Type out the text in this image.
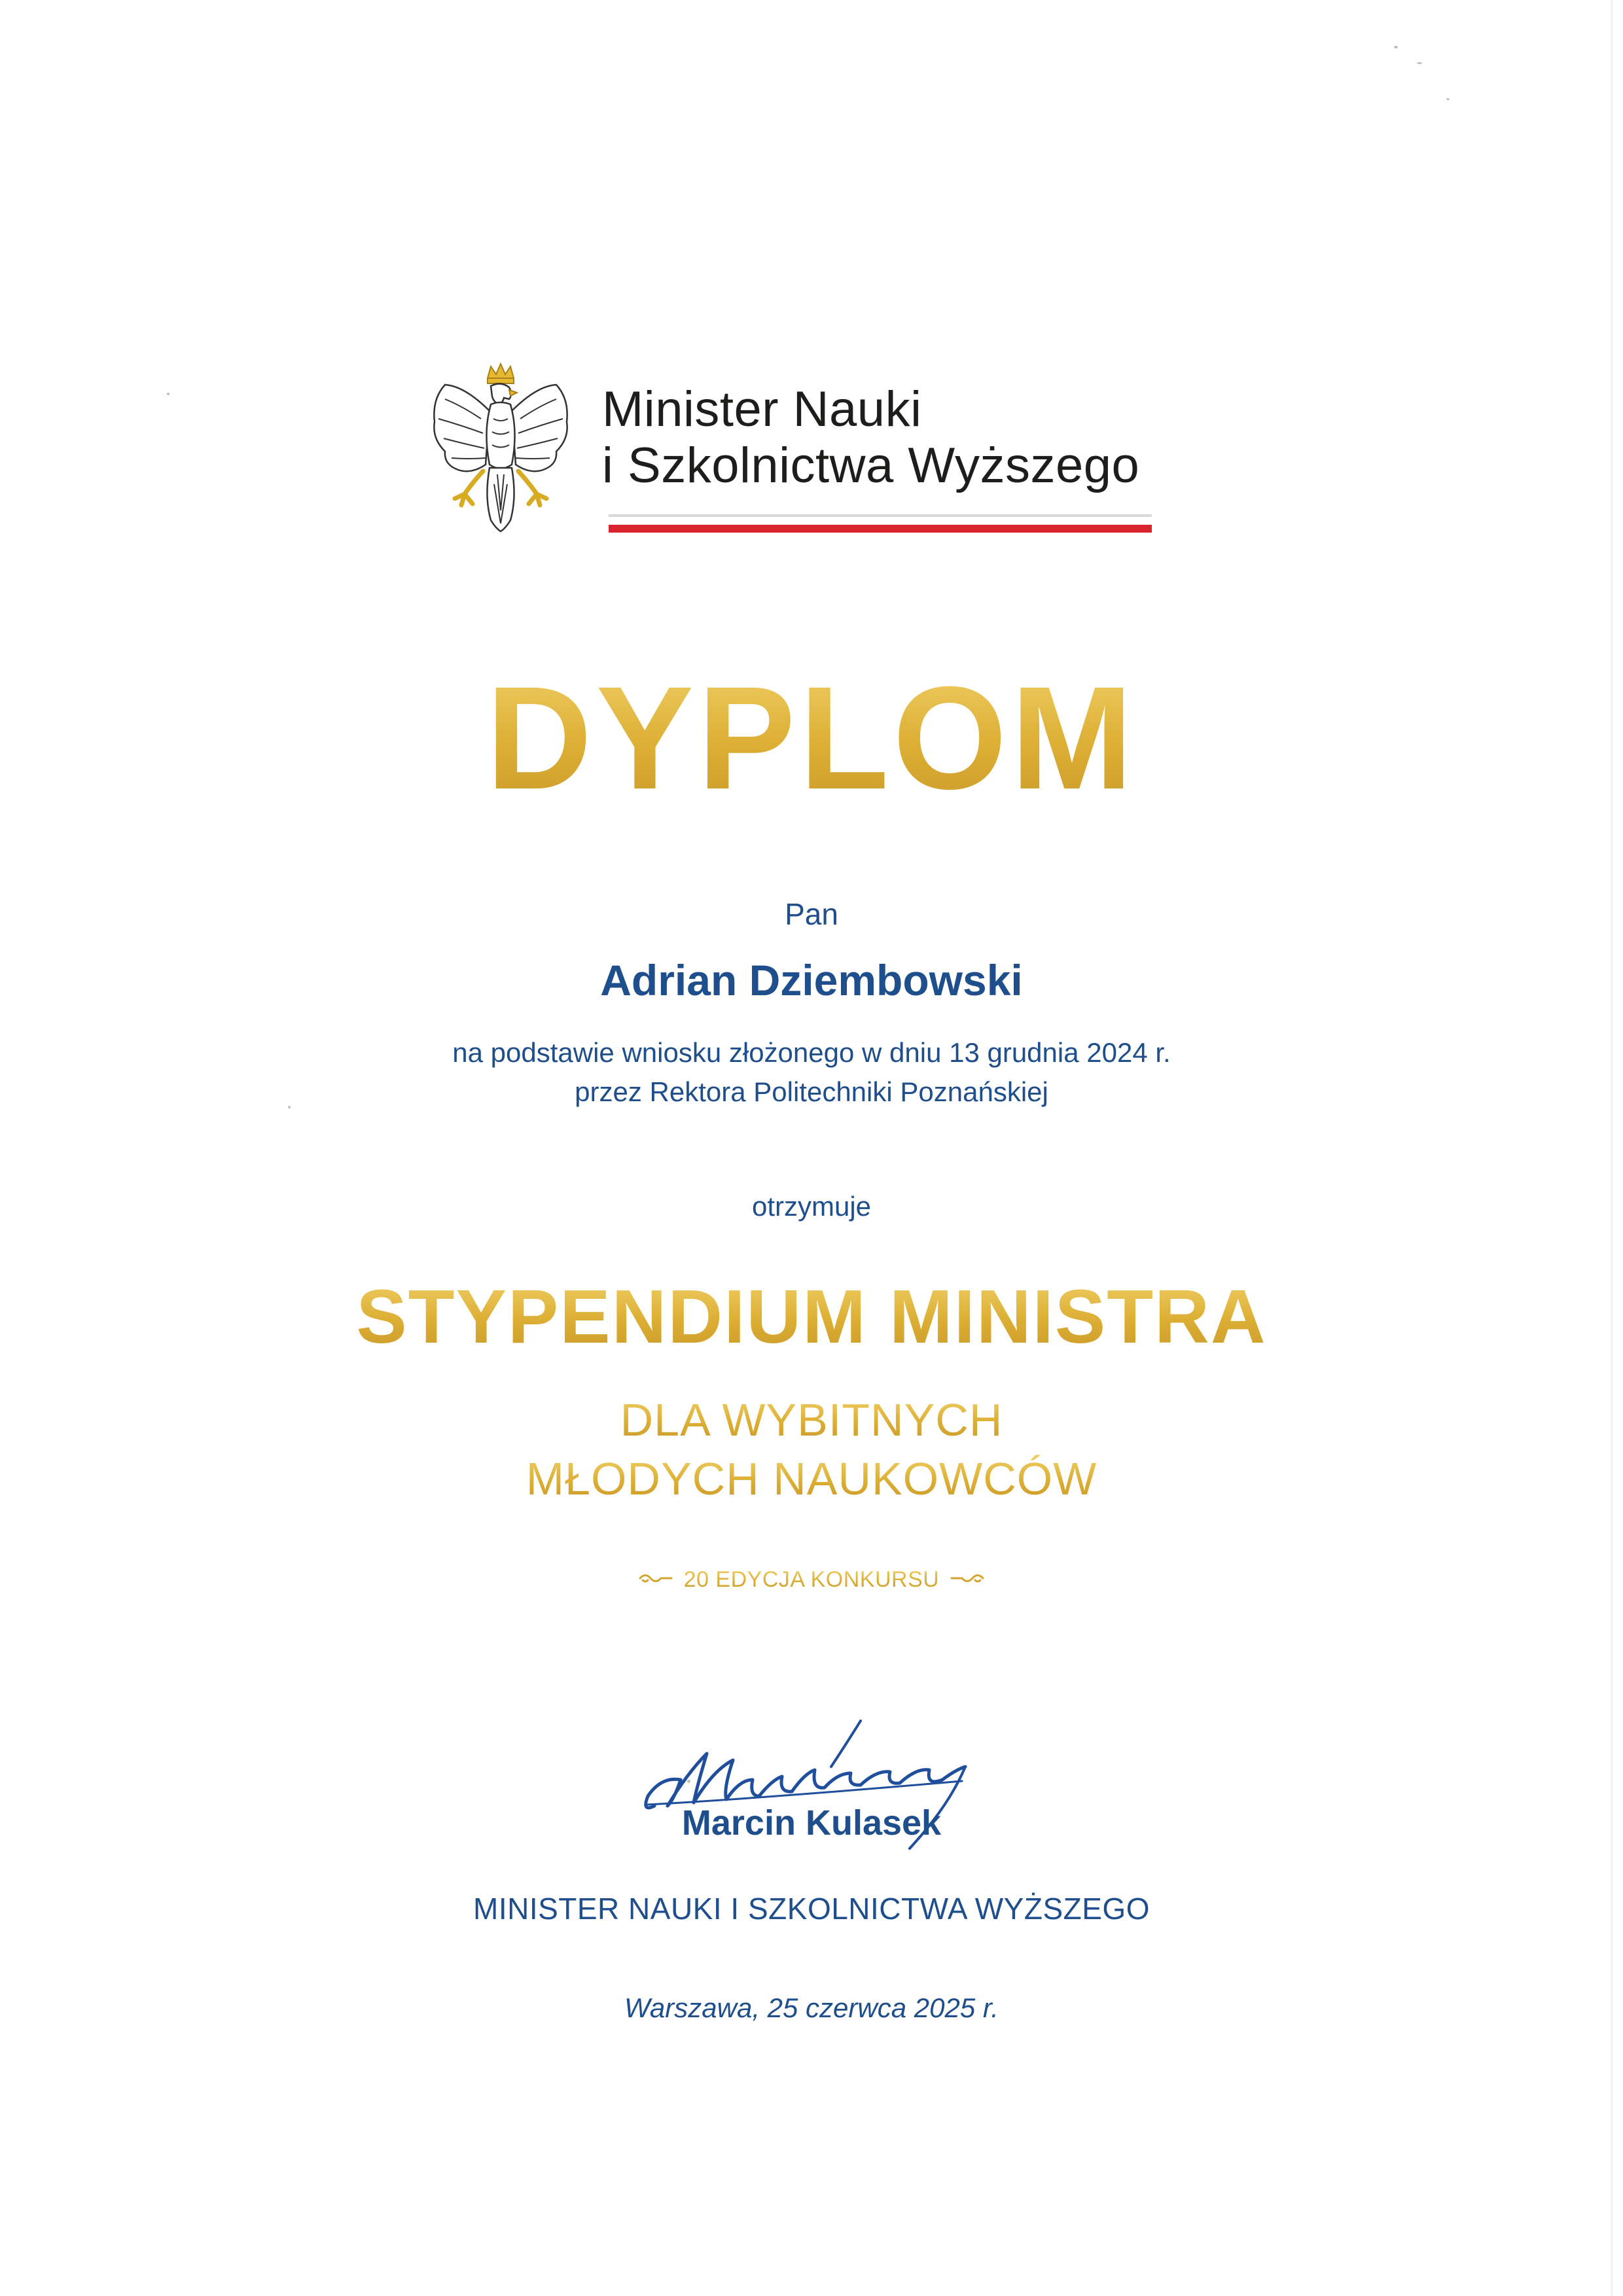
Minister Nauki
i Szkolnictwa Wyższego
DYPLOM
Pan
Adrian Dziembowski
na podstawie wniosku złożonego w dniu 13 grudnia 2024 r.
przez Rektora Politechniki Poznańskiej
otrzymuje
STYPENDIUM MINISTRA
DLA WYBITNYCH
MŁODYCH NAUKOWCÓW
20 EDYCJA KONKURSU
Marcin Kulasek
MINISTER NAUKI I SZKOLNICTWA WYŻSZEGO
Warszawa, 25 czerwca 2025 r.
